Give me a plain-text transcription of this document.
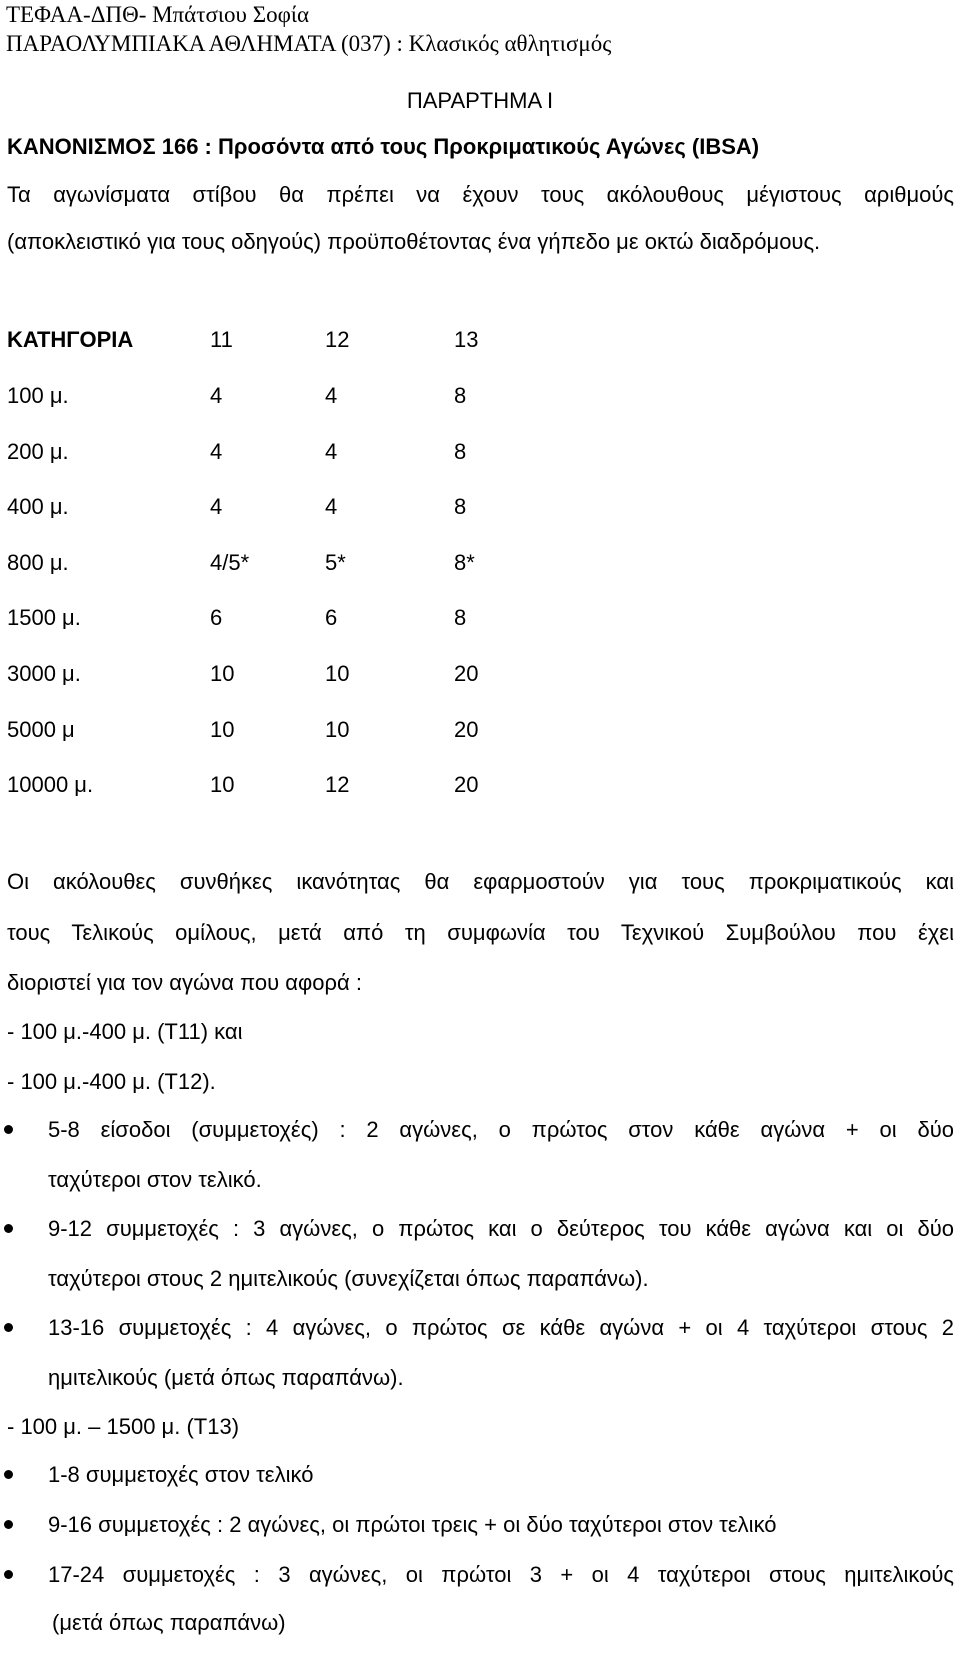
ΤΕΦΑΑ-ΔΠΘ- Μπάτσιου Σοφία
ΠΑΡΑΟΛΥΜΠΙΑΚΑ ΑΘΛΗΜΑΤΑ (037) : Κλασικός αθλητισμός
ΠΑΡΑΡΤΗΜΑ Ι
ΚΑΝΟΝΙΣΜΟΣ 166 : Προσόντα από τους Προκριματικούς Αγώνες (IBSA)
Τα αγωνίσματα στίβου θα πρέπει να έχουν τους ακόλουθους μέγιστους αριθμούς
(αποκλειστικό για τους οδηγούς) προϋποθέτοντας ένα γήπεδο με οκτώ διαδρόμους.
ΚΑΤΗΓΟΡΙΑ	11	12	13
100 μ.	4	4	8
200 μ.	4	4	8
400 μ.	4	4	8
800 μ.	4/5*	5*	8*
1500 μ.	6	6	8
3000 μ.	10	10	20
5000 μ	10	10	20
10000 μ.	10	12	20
Οι ακόλουθες συνθήκες ικανότητας θα εφαρμοστούν για τους προκριματικούς και
τους Τελικούς ομίλους, μετά από τη συμφωνία του Τεχνικού Συμβούλου που έχει
διοριστεί για τον αγώνα που αφορά :
- 100 μ.-400 μ. (Τ11) και
- 100 μ.-400 μ. (Τ12).
5-8 είσοδοι (συμμετοχές) : 2 αγώνες, ο πρώτος στον κάθε αγώνα + οι δύο
ταχύτεροι στον τελικό.
9-12 συμμετοχές : 3 αγώνες, ο πρώτος και ο δεύτερος του κάθε αγώνα και οι δύο
ταχύτεροι στους 2 ημιτελικούς (συνεχίζεται όπως παραπάνω).
13-16 συμμετοχές : 4 αγώνες, ο πρώτος σε κάθε αγώνα + οι 4 ταχύτεροι στους 2
ημιτελικούς (μετά όπως παραπάνω).
- 100 μ. – 1500 μ. (Τ13)
1-8 συμμετοχές στον τελικό
9-16 συμμετοχές : 2 αγώνες, οι πρώτοι τρεις + οι δύο ταχύτεροι στον τελικό
17-24 συμμετοχές : 3 αγώνες, οι πρώτοι 3 + οι 4 ταχύτεροι στους ημιτελικούς
(μετά όπως παραπάνω)
